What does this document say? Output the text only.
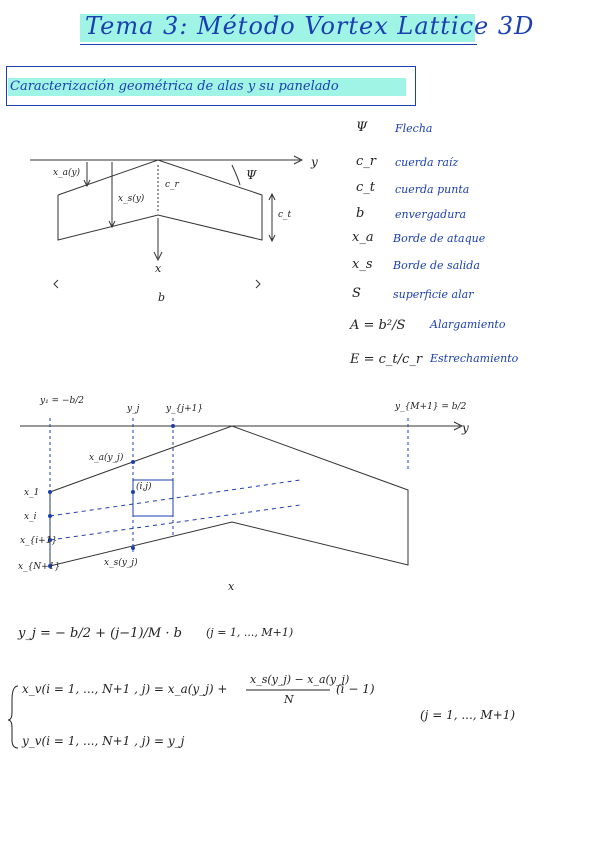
Tema 3: Método Vortex Lattice 3D
Caracterización geométrica de alas y su panelado
x_a(y)
x_s(y)
c_r
c_t
Ψ
y
x
b
Ψ	Flecha
c_r cuerda raíz
c_t cuerda punta
b	envergadura
x_a Borde de ataque
x_s Borde de salida
S	superficie alar
A = b²/S Alargamiento
E = c_t/c_r Estrechamiento
y₁ = −b/2
y_j	y_{j+1}	y_{M+1} = b/2
y
x_a(y_j)
(i,j)
x_s(y_j)
x
x_1
x_i
x_{i+1}
x_{N+1}
y_j = − b/2 + (j−1)/M · b (j = 1, ..., M+1)
x_v(i = 1, ..., N+1 , j) = x_a(y_j) +
x_s(y_j) − x_a(y_j)
N
(i − 1)
(j = 1, ..., M+1)
y_v(i = 1, ..., N+1 , j) = y_j
